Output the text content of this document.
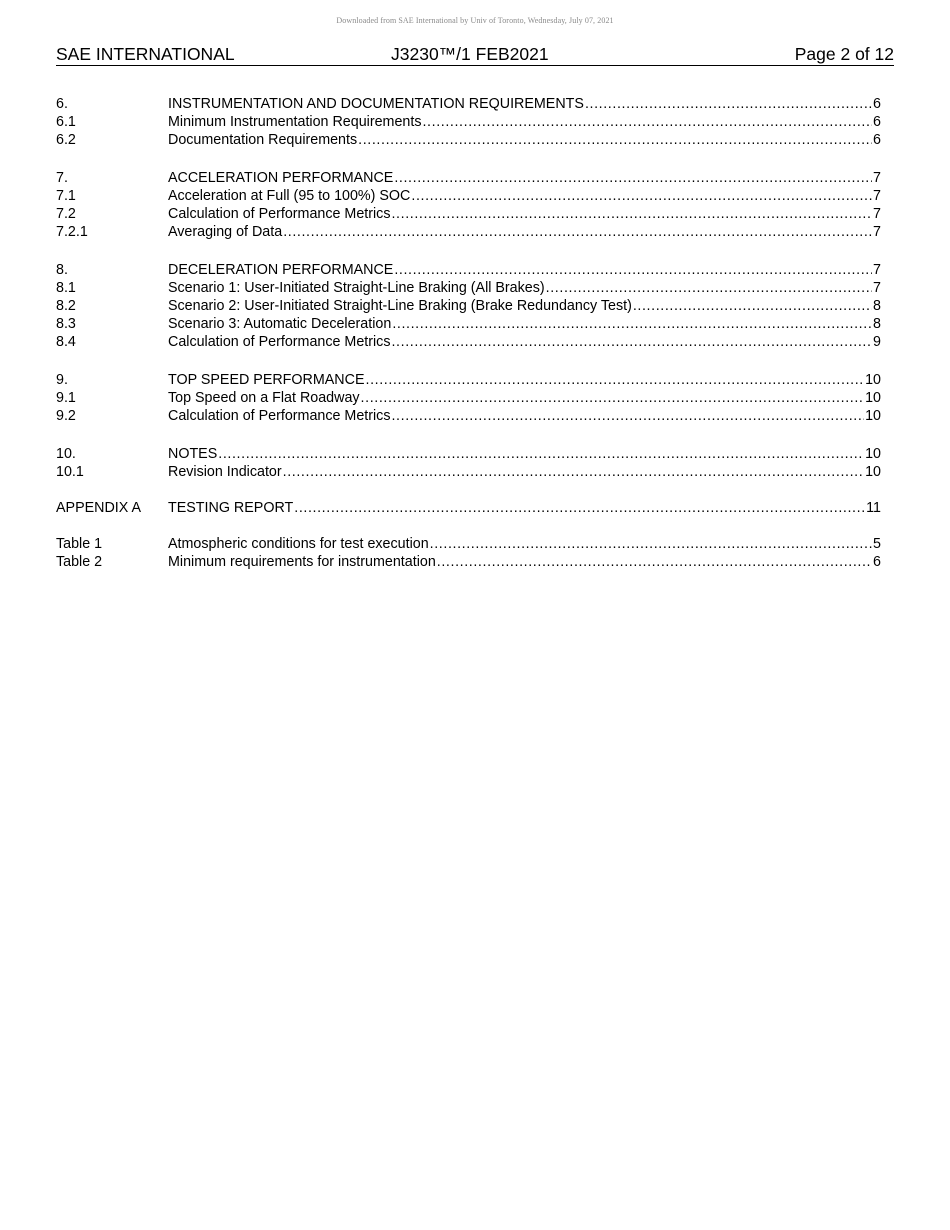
Downloaded from SAE International by Univ of Toronto, Wednesday, July 07, 2021
SAE INTERNATIONAL	J3230™/1 FEB2021	Page 2 of 12
6.	INSTRUMENTATION AND DOCUMENTATION REQUIREMENTS .....	6
6.1	Minimum Instrumentation Requirements .....	6
6.2	Documentation Requirements .....	6
7.	ACCELERATION PERFORMANCE .....	7
7.1	Acceleration at Full (95 to 100%) SOC .....	7
7.2	Calculation of Performance Metrics .....	7
7.2.1	Averaging of Data .....	7
8.	DECELERATION PERFORMANCE .....	7
8.1	Scenario 1: User-Initiated Straight-Line Braking (All Brakes) .....	7
8.2	Scenario 2: User-Initiated Straight-Line Braking (Brake Redundancy Test) .....	8
8.3	Scenario 3: Automatic Deceleration .....	8
8.4	Calculation of Performance Metrics .....	9
9.	TOP SPEED PERFORMANCE .....	10
9.1	Top Speed on a Flat Roadway .....	10
9.2	Calculation of Performance Metrics .....	10
10.	NOTES .....	10
10.1	Revision Indicator .....	10
APPENDIX A	TESTING REPORT .....	11
Table 1	Atmospheric conditions for test execution .....	5
Table 2	Minimum requirements for instrumentation .....	6
